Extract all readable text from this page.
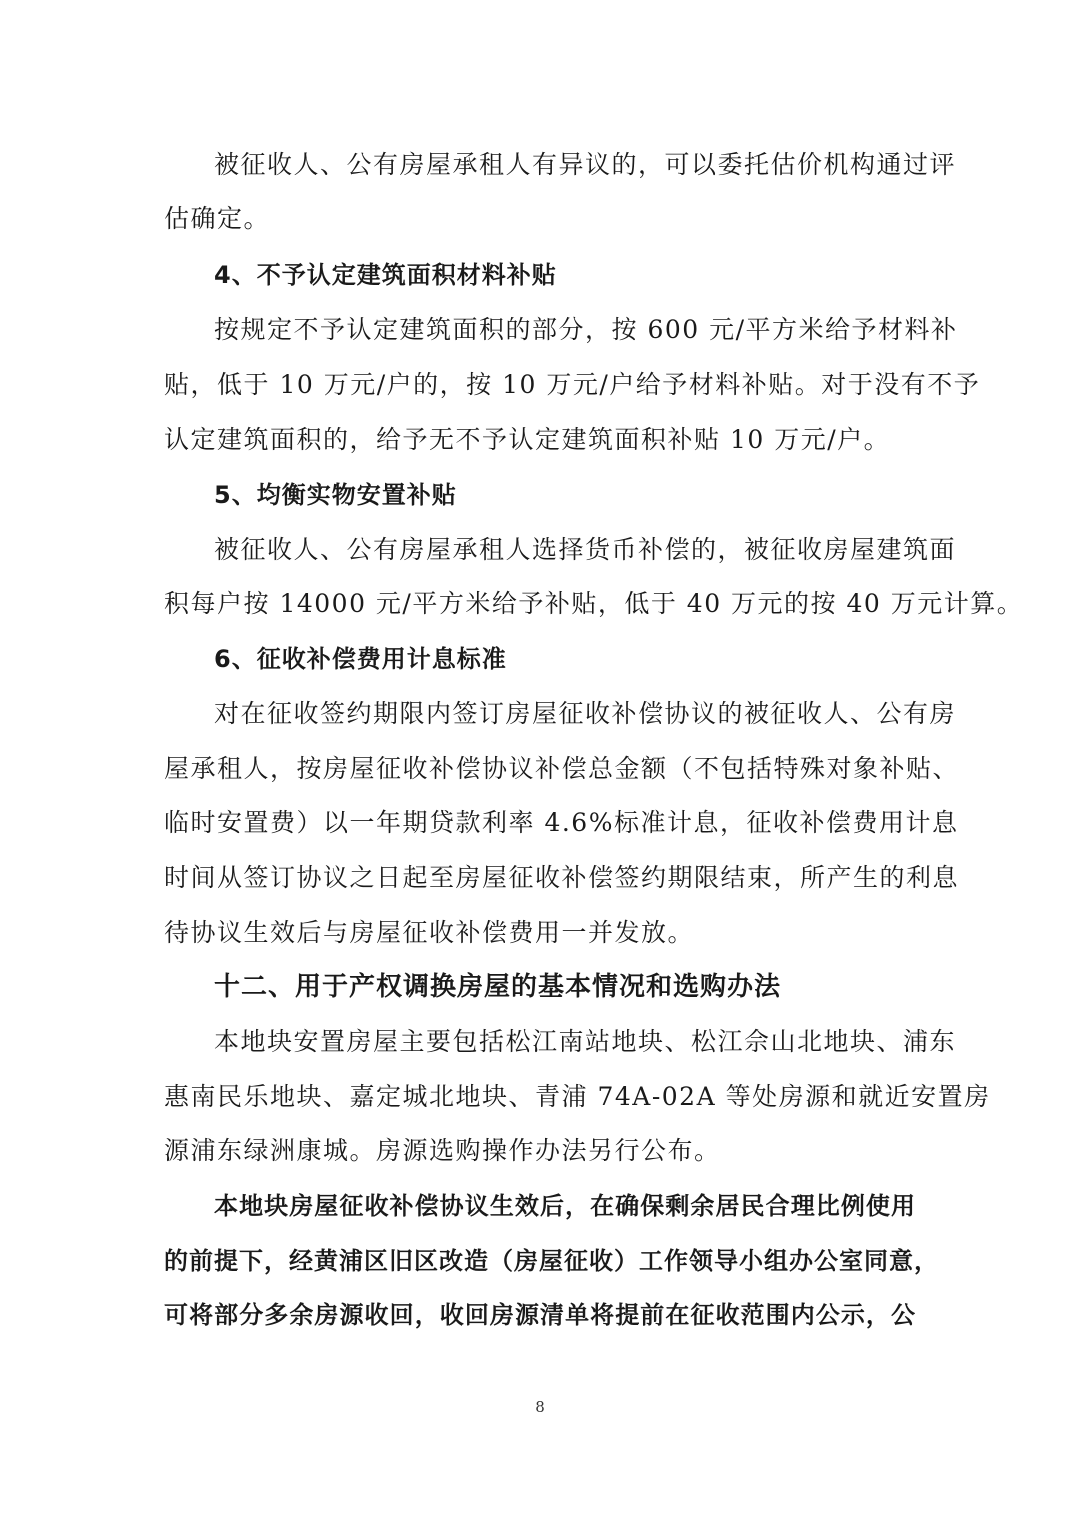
被征收人、公有房屋承租人有异议的，可以委托估价机构通过评
估确定。
4、不予认定建筑面积材料补贴
按规定不予认定建筑面积的部分，按 600 元/平方米给予材料补
贴，低于 10 万元/户的，按 10 万元/户给予材料补贴。对于没有不予
认定建筑面积的，给予无不予认定建筑面积补贴 10 万元/户。
5、均衡实物安置补贴
被征收人、公有房屋承租人选择货币补偿的，被征收房屋建筑面
积每户按 14000 元/平方米给予补贴，低于 40 万元的按 40 万元计算。
6、征收补偿费用计息标准
对在征收签约期限内签订房屋征收补偿协议的被征收人、公有房
屋承租人，按房屋征收补偿协议补偿总金额（不包括特殊对象补贴、
临时安置费）以一年期贷款利率 4.6%标准计息，征收补偿费用计息
时间从签订协议之日起至房屋征收补偿签约期限结束，所产生的利息
待协议生效后与房屋征收补偿费用一并发放。
十二、用于产权调换房屋的基本情况和选购办法
本地块安置房屋主要包括松江南站地块、松江佘山北地块、浦东
惠南民乐地块、嘉定城北地块、青浦 74A-02A 等处房源和就近安置房
源浦东绿洲康城。房源选购操作办法另行公布。
本地块房屋征收补偿协议生效后，在确保剩余居民合理比例使用
的前提下，经黄浦区旧区改造（房屋征收）工作领导小组办公室同意，
可将部分多余房源收回，收回房源清单将提前在征收范围内公示，公
8
